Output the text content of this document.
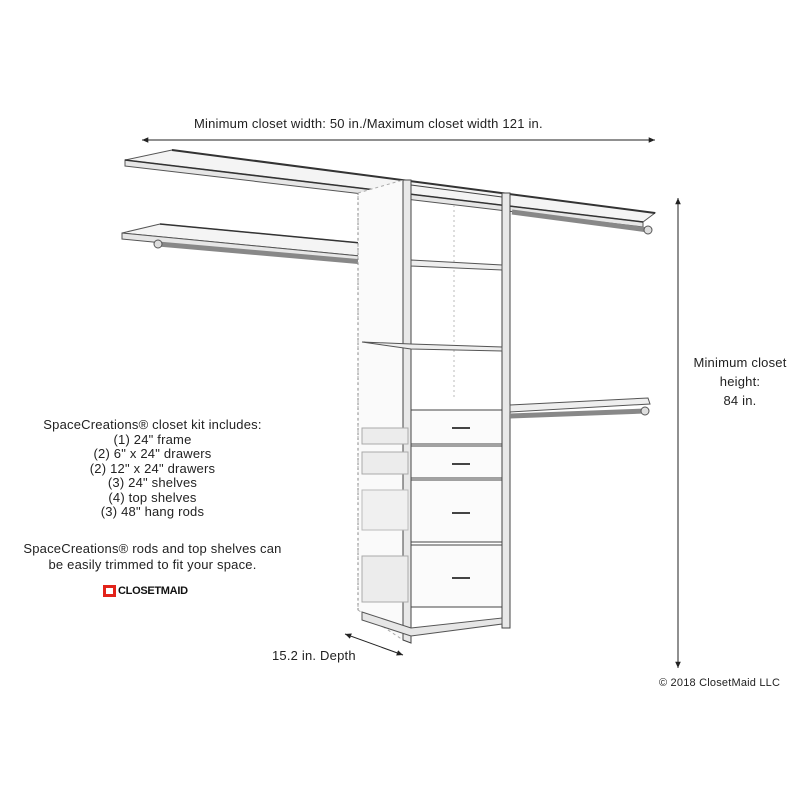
Minimum closet width: 50 in./Maximum closet width 121 in.
Minimum closet
height:
84 in.
SpaceCreations® closet kit includes:
(1) 24" frame
(2) 6" x 24" drawers
(2) 12" x 24" drawers
(3) 24" shelves
(4) top shelves
(3) 48" hang rods
SpaceCreations® rods and top shelves can
be easily trimmed to fit your space.
CLOSETMAID
15.2 in. Depth
© 2018 ClosetMaid LLC
